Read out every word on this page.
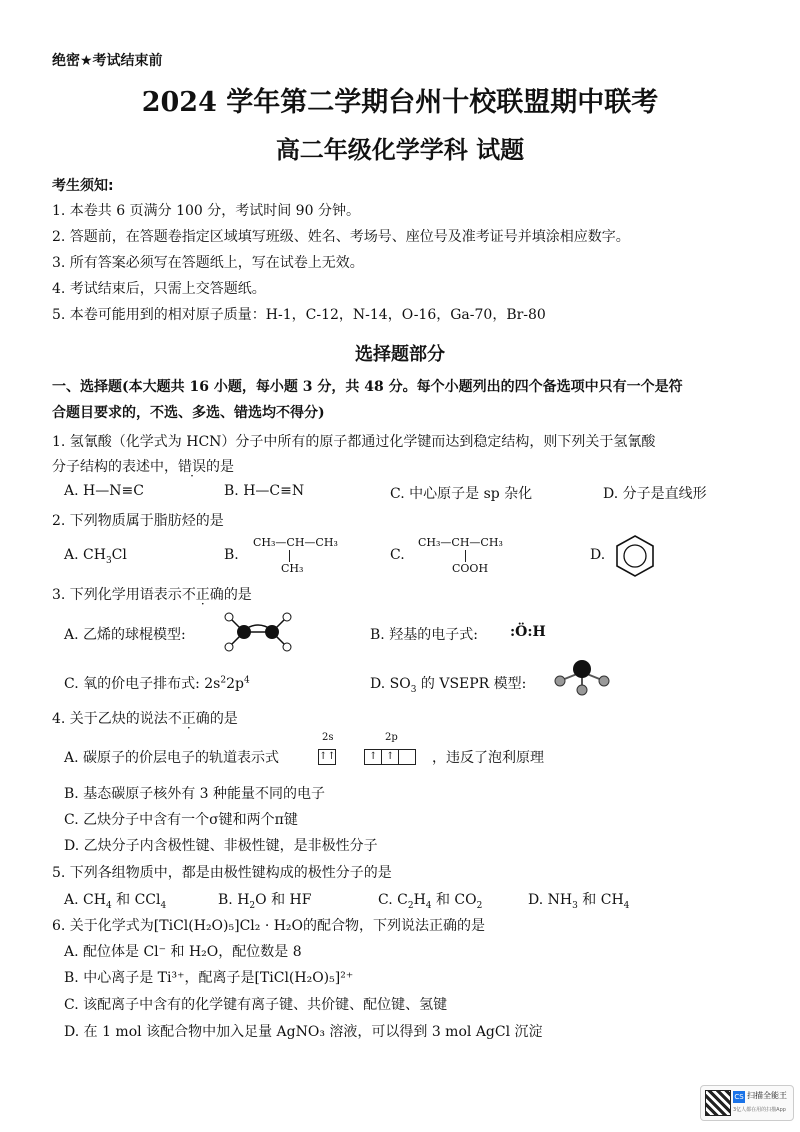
绝密★考试结束前
2024 学年第二学期台州十校联盟期中联考
高二年级化学学科 试题
考生须知:
1. 本卷共 6 页满分 100 分，考试时间 90 分钟。
2. 答题前，在答题卷指定区域填写班级、姓名、考场号、座位号及准考证号并填涂相应数字。
3. 所有答案必须写在答题纸上，写在试卷上无效。
4. 考试结束后，只需上交答题纸。
5. 本卷可能用到的相对原子质量：H-1，C-12，N-14，O-16，Ga-70，Br-80
选择题部分
一、选择题(本大题共 16 小题，每小题 3 分，共 48 分。每个小题列出的四个备选项中只有一个是符
合题目要求的，不选、多选、错选均不得分)
1. 氢氰酸（化学式为 HCN）分子中所有的原子都通过化学键而达到稳定结构，则下列关于氢氰酸
分子结构的表述中，错误的是
A. H—N≡C	B. H—C≡N	C. 中心原子是 sp 杂化	D. 分子是直线形
2. 下列物质属于脂肪烃的是
A. $CH_3Cl$	B.
CH₃—CH—CH₃
CH₃
C.
CH₃—CH—CH₃
COOH
D.
3. 下列化学用语表示不正确的是
A. 乙烯的球棍模型:	B. 羟基的电子式: :Ö:H
C. 氧的价电子排布式: $2s^22p^4$	D. $SO_3$ 的 VSEPR 模型:
4. 关于乙炔的说法不正确的是
A. 碳原子的价层电子的轨道表示式
2s	2p
↑↑	↑ ↑	，违反了泡利原理
B. 基态碳原子核外有 3 种能量不同的电子
C. 乙炔分子中含有一个σ键和两个π键
D. 乙炔分子内含极性键、非极性键，是非极性分子
5. 下列各组物质中，都是由极性键构成的极性分子的是
A. $CH_4$ 和 CCl$_4$	B. $H_2O$ 和 HF	C. $C_2H_4$ 和 $CO_2$	D. $NH_3$ 和 $CH_4$
6. 关于化学式为[TiCl(H₂O)₅]Cl₂ · H₂O的配合物，下列说法正确的是
A. 配位体是 Cl⁻ 和 H₂O，配位数是 8
B. 中心离子是 Ti³⁺，配离子是[TiCl(H₂O)₅]²⁺
C. 该配离子中含有的化学键有离子键、共价键、配位键、氢键
D. 在 1 mol 该配合物中加入足量 AgNO₃ 溶液，可以得到 3 mol AgCl 沉淀
CS 扫描全能王
3亿人都在用的扫描App
